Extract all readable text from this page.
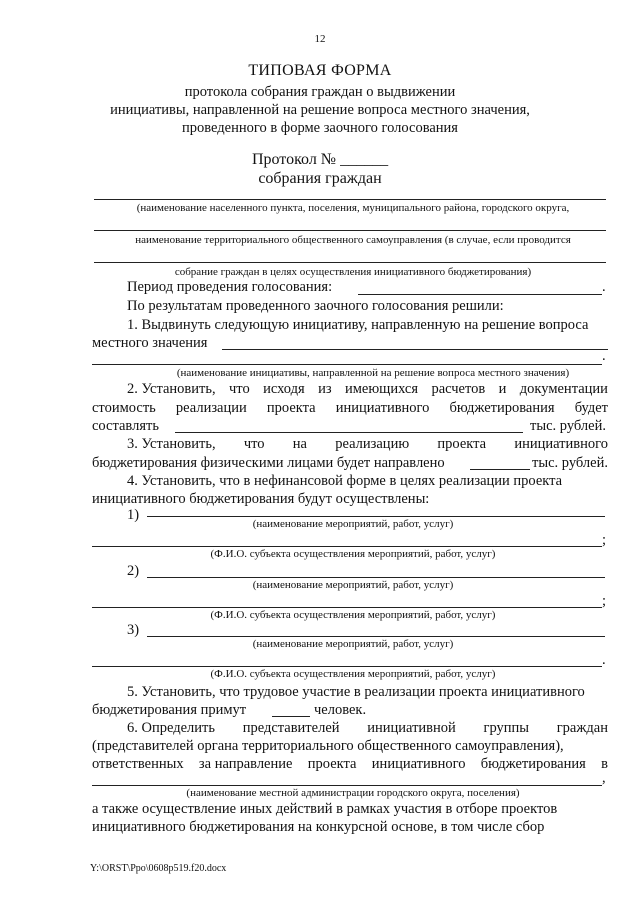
12
ТИПОВАЯ ФОРМА
протокола собрания граждан о выдвижении
инициативы, направленной на решение вопроса местного значения,
проведенного в форме заочного голосования
Протокол № ______
собрания граждан
(наименование населенного пункта, поселения, муниципального района, городского округа,
наименование территориального общественного самоуправления (в случае, если проводится
собрание граждан в целях осуществления инициативного бюджетирования)
Период проведения голосования:	.
По результатам проведенного заочного голосования решили:
1. Выдвинуть следующую инициативу, направленную на решение вопроса
местного значения
.
(наименование инициативы, направленной на решение вопроса местного значения)
2. Установить, что исходя из имеющихся расчетов и документации
стоимость реализации проекта инициативного бюджетирования будет
составлять	тыс. рублей.
3. Установить, что на реализацию проекта инициативного
бюджетирования физическими лицами будет направлено	тыс. рублей.
4. Установить, что в нефинансовой форме в целях реализации проекта
инициативного бюджетирования будут осуществлены:
1)
(наименование мероприятий, работ, услуг)
;
(Ф.И.О. субъекта осуществления мероприятий, работ, услуг)
2)
(наименование мероприятий, работ, услуг)
;
(Ф.И.О. субъекта осуществления мероприятий, работ, услуг)
3)
(наименование мероприятий, работ, услуг)
.
(Ф.И.О. субъекта осуществления мероприятий, работ, услуг)
5. Установить, что трудовое участие в реализации проекта инициативного
бюджетирования примут	человек.
6. Определить представителей инициативной группы граждан
(представителей органа территориального общественного самоуправления),
ответственных за направление проекта инициативного бюджетирования в
,
(наименование местной администрации городского округа, поселения)
а также осуществление иных действий в рамках участия в отборе проектов
инициативного бюджетирования на конкурсной основе, в том числе сбор
Y:\ORST\Ppo\0608p519.f20.docx
